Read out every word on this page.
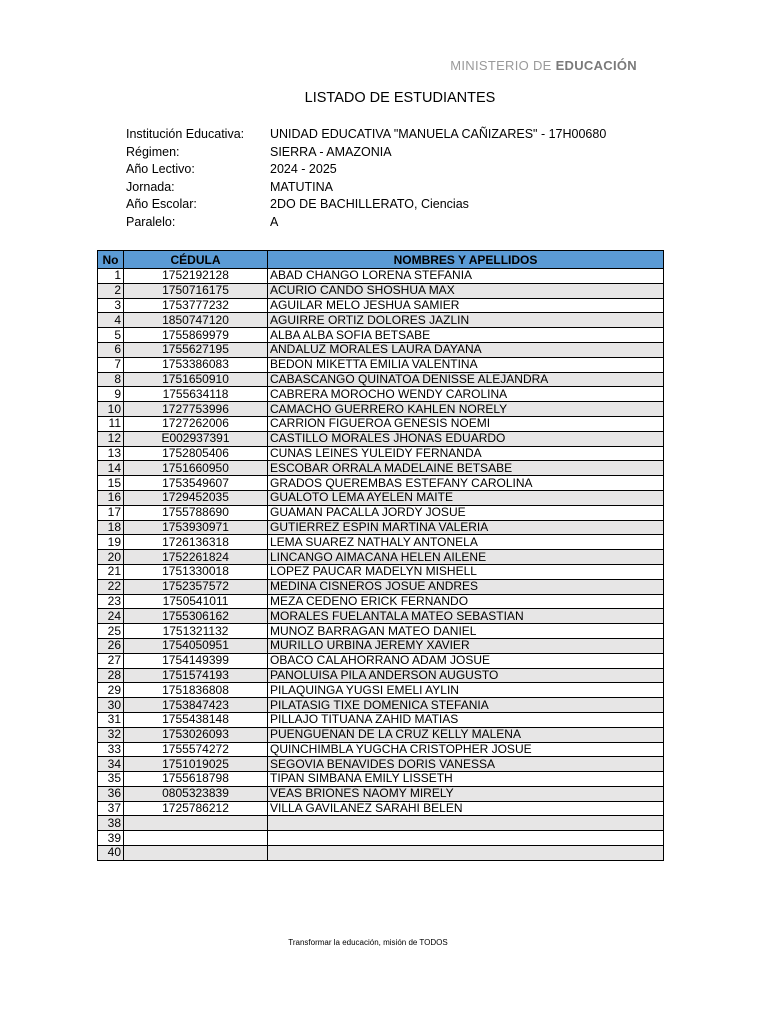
MINISTERIO DE EDUCACIÓN
LISTADO DE ESTUDIANTES
Institución Educativa:	UNIDAD EDUCATIVA "MANUELA CAÑIZARES" - 17H00680
Régimen:	SIERRA - AMAZONIA
Año Lectivo:	2024 - 2025
Jornada:	MATUTINA
Año Escolar:	2DO DE BACHILLERATO, Ciencias
Paralelo:	A
No	CÉDULA	NOMBRES Y APELLIDOS
1	1752192128	ABAD CHANGO LORENA STEFANIA
2	1750716175	ACURIO CANDO SHOSHUA MAX
3	1753777232	AGUILAR MELO JESHUA SAMIER
4	1850747120	AGUIRRE ORTIZ DOLORES JAZLIN
5	1755869979	ALBA ALBA SOFIA BETSABE
6	1755627195	ANDALUZ MORALES LAURA DAYANA
7	1753386083	BEDON MIKETTA EMILIA VALENTINA
8	1751650910	CABASCANGO QUINATOA DENISSE ALEJANDRA
9	1755634118	CABRERA MOROCHO WENDY CAROLINA
10	1727753996	CAMACHO GUERRERO KAHLEN NORELY
11	1727262006	CARRION FIGUEROA GENESIS NOEMI
12	E002937391	CASTILLO MORALES JHONAS EDUARDO
13	1752805406	CUNAS LEINES YULEIDY FERNANDA
14	1751660950	ESCOBAR ORRALA MADELAINE BETSABE
15	1753549607	GRADOS QUEREMBAS ESTEFANY CAROLINA
16	1729452035	GUALOTO LEMA AYELEN MAITE
17	1755788690	GUAMAN PACALLA JORDY JOSUE
18	1753930971	GUTIERREZ ESPIN MARTINA VALERIA
19	1726136318	LEMA SUAREZ NATHALY ANTONELA
20	1752261824	LINCANGO AIMACANA HELEN AILENE
21	1751330018	LOPEZ PAUCAR MADELYN MISHELL
22	1752357572	MEDINA CISNEROS JOSUE ANDRES
23	1750541011	MEZA CEDENO ERICK FERNANDO
24	1755306162	MORALES FUELANTALA MATEO SEBASTIAN
25	1751321132	MUNOZ BARRAGAN MATEO DANIEL
26	1754050951	MURILLO URBINA JEREMY XAVIER
27	1754149399	OBACO CALAHORRANO ADAM JOSUE
28	1751574193	PANOLUISA PILA ANDERSON AUGUSTO
29	1751836808	PILAQUINGA YUGSI EMELI AYLIN
30	1753847423	PILATASIG TIXE DOMENICA STEFANIA
31	1755438148	PILLAJO TITUANA ZAHID MATIAS
32	1753026093	PUENGUENAN DE LA CRUZ KELLY MALENA
33	1755574272	QUINCHIMBLA YUGCHA CRISTOPHER JOSUE
34	1751019025	SEGOVIA BENAVIDES DORIS VANESSA
35	1755618798	TIPAN SIMBANA EMILY LISSETH
36	0805323839	VEAS BRIONES NAOMY MIRELY
37	1725786212	VILLA GAVILANEZ SARAHI BELEN
38		
39		
40		
Transformar la educación, misión de TODOS
